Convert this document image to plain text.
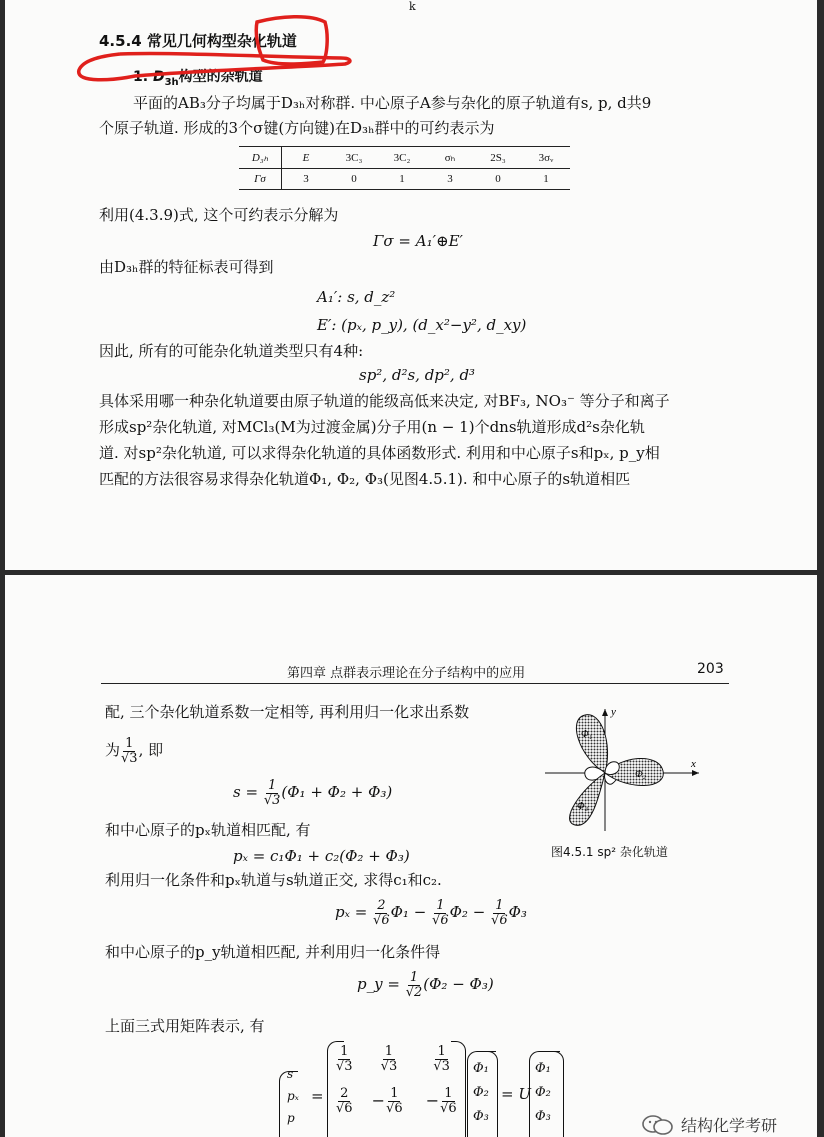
k
4.5.4 常见几何构型杂化轨道
1. $D_{3h}$构型的杂轨道
平面的AB₃分子均属于D₃ₕ对称群. 中心原子A参与杂化的原子轨道有s, p, d共9
个原子轨道. 形成的3个σ键(方向键)在D₃ₕ群中的可约表示为
D₃ₕ	E	3C₃	3C₂	σₕ	2S₃	3σᵥ
Γσ	3	0	1	3	0	1
利用(4.3.9)式, 这个可约表示分解为
Γσ = A₁′⊕E′
由D₃ₕ群的特征标表可得到
A₁′: s, d_z²
E′: (pₓ, p_y), (d_x²−y², d_xy)
因此, 所有的可能杂化轨道类型只有4种:
sp², d²s, dp², d³
具体采用哪一种杂化轨道要由原子轨道的能级高低来决定, 对BF₃, NO₃⁻ 等分子和离子
形成sp²杂化轨道, 对MCl₃(M为过渡金属)分子用(n − 1)个dns轨道形成d²s杂化轨
道. 对sp²杂化轨道, 可以求得杂化轨道的具体函数形式. 利用和中心原子s和pₓ, p_y相
匹配的方法很容易求得杂化轨道Φ₁, Φ₂, Φ₃(见图4.5.1). 和中心原子的s轨道相匹
第四章 点群表示理论在分子结构中的应用	203
配, 三个杂化轨道系数一定相等, 再利用归一化求出系数
为 $\frac{1}{√3}$ , 即
$s = \frac{1}{√3} (\Phi_1 + \Phi_2 + \Phi_3)$
和中心原子的pₓ轨道相匹配, 有
pₓ = c₁Φ₁ + c₂(Φ₂ + Φ₃)
利用归一化条件和pₓ轨道与s轨道正交, 求得c₁和c₂.
$p_x = \frac{2}{√6} \Phi_1 - \frac{1}{√6} \Phi_2 - \frac{1}{√6} \Phi_3$
和中心原子的p_y轨道相匹配, 并利用归一化条件得
p_y = $\frac{1}{√2} (\Phi_2 - \Phi_3)$
上面三式用矩阵表示, 有
s
pₓ
p
=
$\frac{1}{√3}$
$\frac{1}{√3}$
	$\frac{1}{√3}$
$\frac{2}{√6} - \frac{1}{√6} - \frac{1}{√6}$
Φ₁
Φ₂
Φ₃
= U
Φ₁
Φ₂
Φ₃
x
y
Φ₁
Φ₂
Φ₃
图4.5.1 sp² 杂化轨道
结构化学考研
